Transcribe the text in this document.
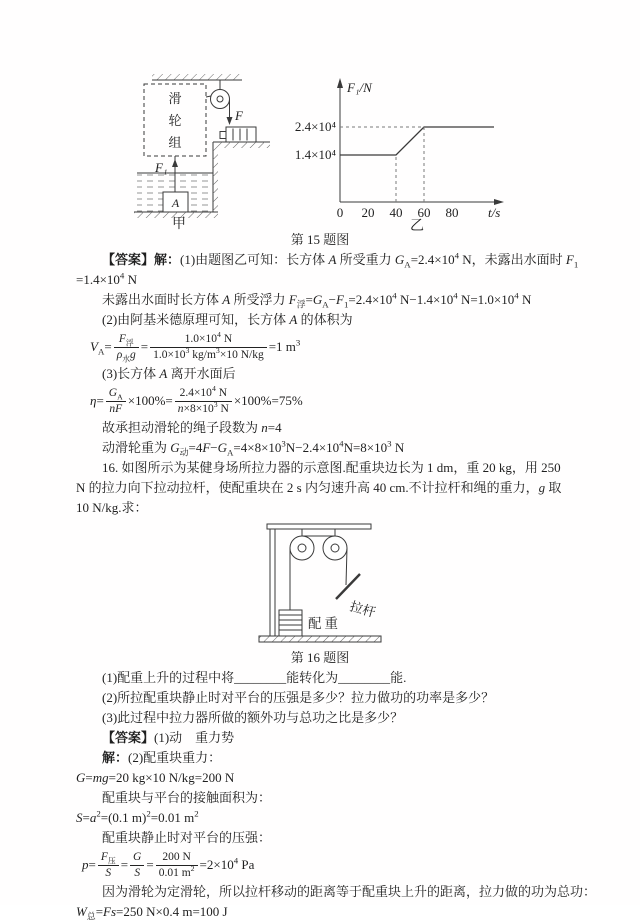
滑
轮
组
F
F₁
A
甲
F₁/N
2.4×10⁴
1.4×10⁴
0 20 40 60 80 t/s
乙
第 15 题图
【答案】解：(1)由题图乙可知：长方体 A 所受重力 $G_A=2.4\times 10^4$ N，未露出水面时 $F_1$
$=1.4\times 10^4$ N
未露出水面时长方体 A 所受浮力 $F_浮=G_A-F_1=2.4\times 10^4$ $N-1.4\times 10^4$ $N=1.0\times 10^4$ N
(2)由阿基米德原理可知，长方体 A 的体积为
$V_A= \frac{F_浮}{\rho_水g} = \frac{1.0\times 10^4 N}{1.0\times 10^3 kg/m^3\times 10 N/kg} =1$ $m^3$
(3)长方体 A 离开水面后
$\eta= \frac{G_A}{nF} \times 100\%= \frac{2.4\times 10^4 N}{n\times 8\times 10^3 N} \times 100\%=75\%$
故承担动滑轮的绳子段数为 n=4
动滑轮重为 $G_动=4F-G_A=4\times 8\times 10^3N-2.4\times 10^4N=8\times 10^3$ N
16. 如图所示为某健身场所拉力器的示意图.配重块边长为 1 dm，重 20 kg，用 250 N 的拉力向下拉动拉杆，使配重块在 2 s 内匀速升高 40 cm.不计拉杆和绳的重力，g 取 10 N/kg.求：
拉杆
配重
第 16 题图
(1)配重上升的过程中将________能转化为________能.
(2)所拉配重块静止时对平台的压强是多少？拉力做功的功率是多少？
(3)此过程中拉力器所做的额外功与总功之比是多少？
【答案】(1)动　重力势
解：(2)配重块重力：
G=mg=20 kg×10 N/kg=200 N
配重块与平台的接触面积为：
$S=a^2=(0.1$ m)$^2$=0.01 $m^2$
配重块静止时对平台的压强：
$p= \frac{F_压}{S} = \frac{G}{S} = \frac{200 N}{0.01 m^2} =2\times 10^4$ Pa
因为滑轮为定滑轮，所以拉杆移动的距离等于配重块上升的距离，拉力做的功为总功：
$W_总=Fs=250$ N×0.4 m=100 J
